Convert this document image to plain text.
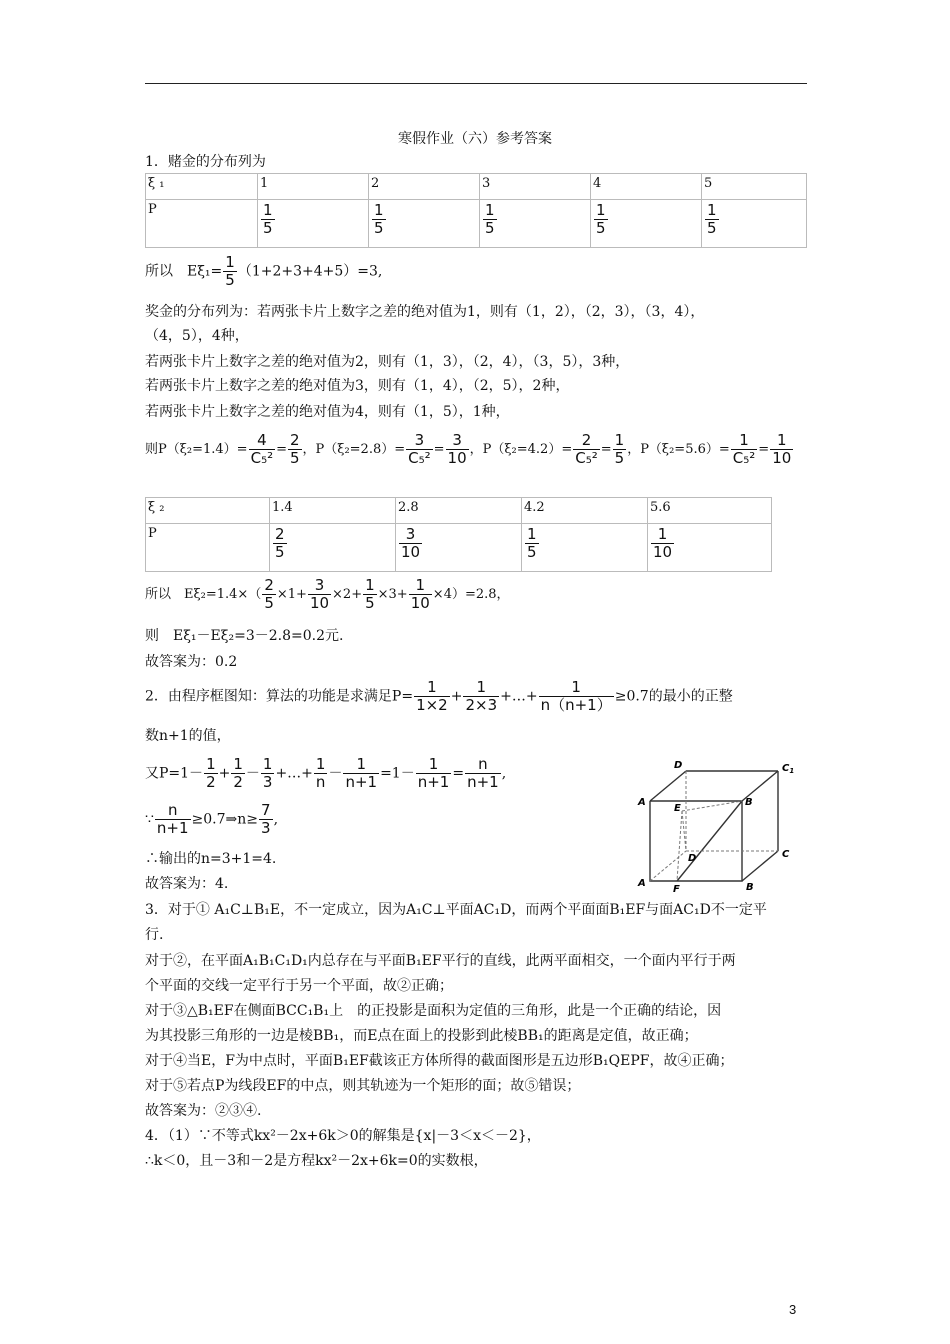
寒假作业（六）参考答案
1．赌金的分布列为
ξ ₁	1	2	3	4	5
P	$\frac{1}{5}$	$\frac{1}{5}$	$\frac{1}{5}$	$\frac{1}{5}$	$\frac{1}{5}$
所以　$E\xi_1= \frac{1}{5} (1+2+3+4+5)=3$,
奖金的分布列为：若两张卡片上数字之差的绝对值为1，则有（1，2），（2，3），（3，4），
（4，5），4种，
若两张卡片上数字之差的绝对值为2，则有（1，3），（2，4），（3，5），3种，
若两张卡片上数字之差的绝对值为3，则有（1，4），（2，5），2种，
若两张卡片上数字之差的绝对值为4，则有（1，5），1种，
则$P(\xi_2=1.4)= \frac{4}{\text{C₅²}} = \frac{2}{5}$ ，$P(\xi_2=2.8)= \frac{3}{\text{C₅²}} = \frac{3}{10}$ ，$P(\xi_2=4.2)= \frac{2}{\text{C₅²}} = \frac{1}{5}$ ，$P(\xi_2=5.6)= \frac{1}{\text{C₅²}} = \frac{1}{10}$
ξ ₂	1.4	2.8	4.2	5.6
P	$\frac{2}{5}$	$\frac{3}{10}$	$\frac{1}{5}$	$\frac{1}{10}$
所以　$E\xi_2=1.4\times( \frac{2}{5} \times 1+ \frac{3}{10} \times 2+ \frac{1}{5} \times 3+ \frac{1}{10} \times 4)=2.8$，
则　Eξ₁－Eξ₂=3－2.8=0.2元.
故答案为：0.2
2．由程序框图知：算法的功能是求满足$P= \frac{1}{1\times 2} + \frac{1}{2\times 3}$ +…+ $\frac{1}{n(n+1)} \ge 0.7$的最小的正整
数n+1的值，
又$P=1- \frac{1}{2} + \frac{1}{2} - \frac{1}{3}$ +…+ $\frac{1}{n} - \frac{1}{n+1} =1- \frac{1}{n+1} = \frac{n}{n+1}$ ,
∵ $\frac{n}{n+1}$ ≥0.7⇒n≥ $\frac{7}{3}$ ,
∴输出的n=3+1=4.
故答案为：4.
D	$C_1$
A
E
B
D	C
A
F	B
3．对于① A₁C⊥B₁E，不一定成立，因为A₁C⊥平面AC₁D，而两个平面面B₁EF与面AC₁D不一定平
行.
对于②，在平面A₁B₁C₁D₁内总存在与平面B₁EF平行的直线，此两平面相交，一个面内平行于两
个平面的交线一定平行于另一个平面，故②正确；
对于③△B₁EF在侧面BCC₁B₁上　的正投影是面积为定值的三角形，此是一个正确的结论，因
为其投影三角形的一边是棱BB₁，而E点在面上的投影到此棱BB₁的距离是定值，故正确；
对于④当E，F为中点时，平面B₁EF截该正方体所得的截面图形是五边形B₁QEPF，故④正确；
对于⑤若点P为线段EF的中点，则其轨迹为一个矩形的面；故⑤错误；
故答案为：②③④.
4．（1）∵不等式kx²－2x+6k＞0的解集是{x|－3＜x＜－2}，
∴k＜0，且－3和－2是方程kx²－2x+6k=0的实数根，
3
